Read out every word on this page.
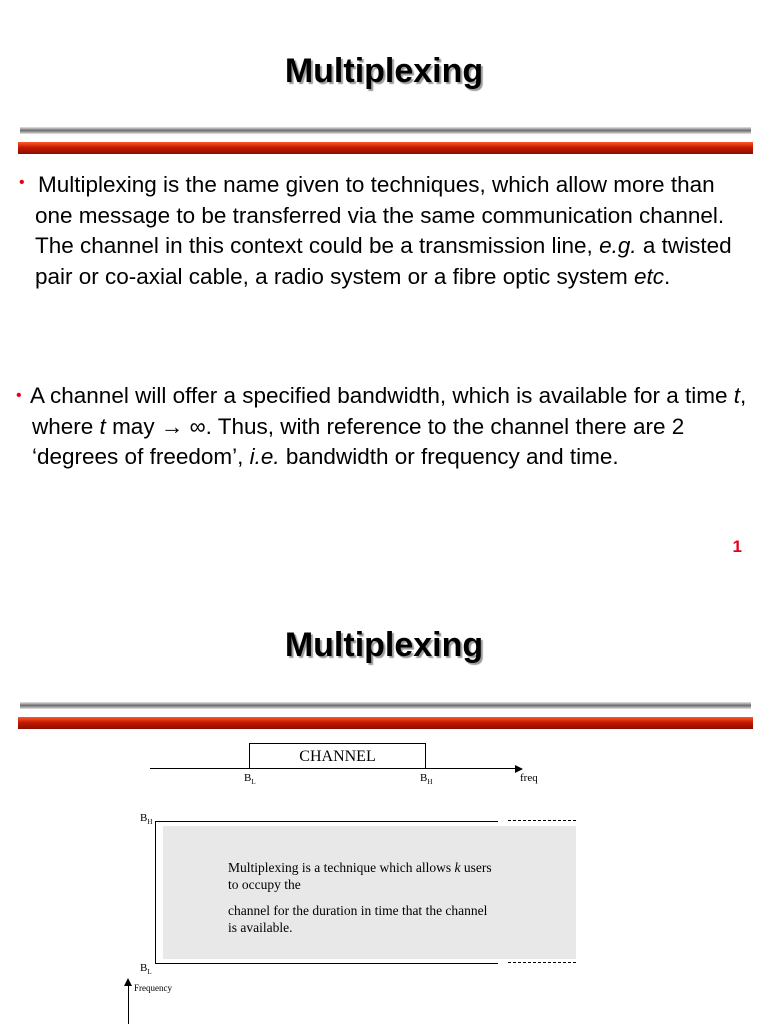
Multiplexing
• Multiplexing is the name given to techniques, which allow more than one message to be transferred via the same communication channel. The channel in this context could be a transmission line, e.g. a twisted pair or co-axial cable, a radio system or a fibre optic system etc.

• A channel will offer a specified bandwidth, which is available for a time t, where t may → ∞. Thus, with reference to the channel there are 2 ‘degrees of freedom’, i.e. bandwidth or frequency and time.

1
Multiplexing
CHANNEL
$B_L$	$B_H$	freq
$B_H$
Multiplexing is a technique which allows k users to occupy the
channel for the duration in time that the channel is available.
$B_L$
Frequency
